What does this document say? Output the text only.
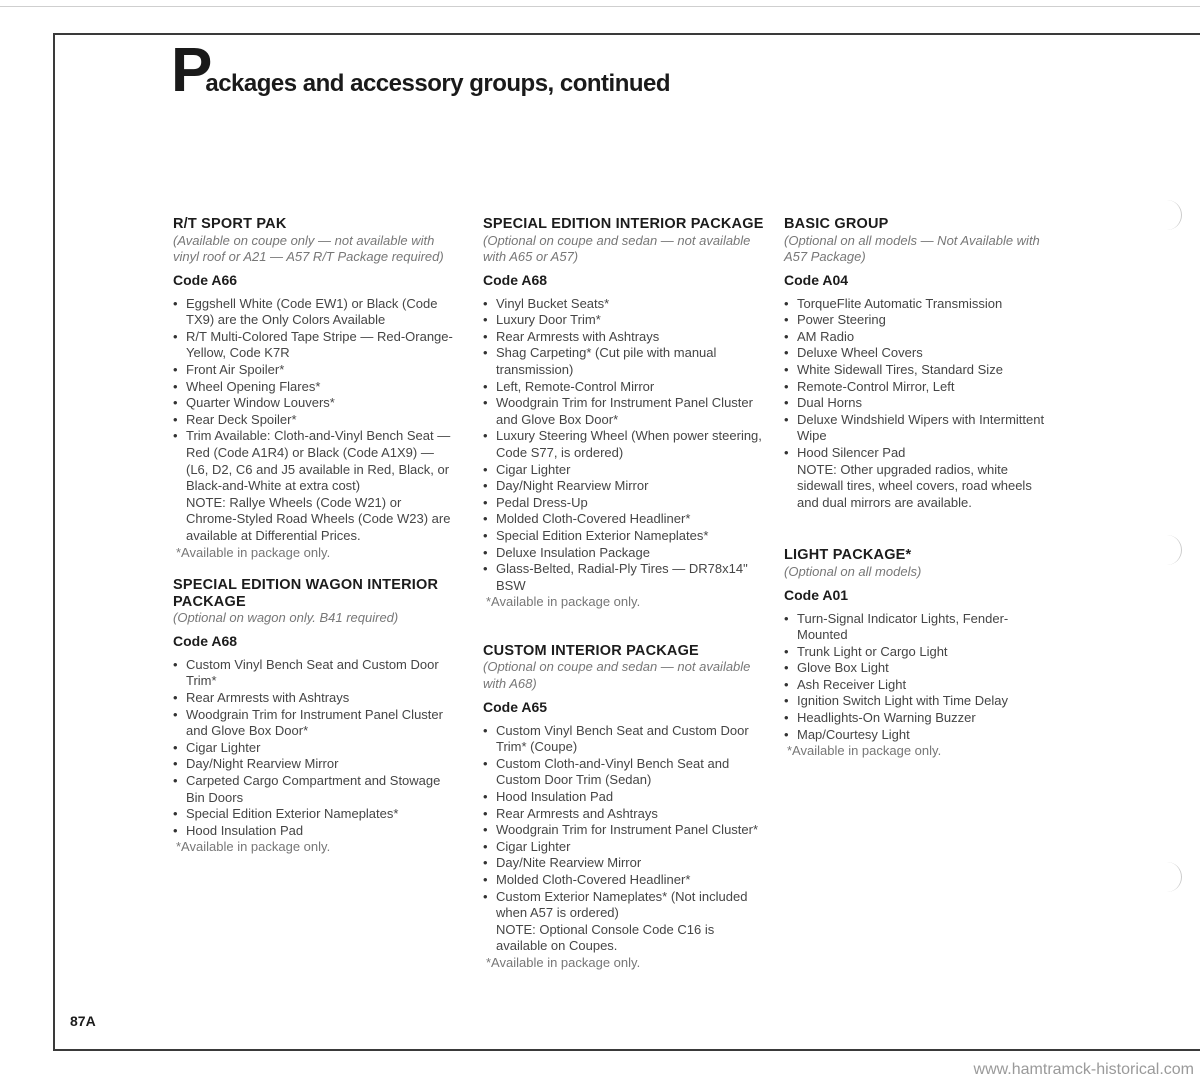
Packages and accessory groups, continued
R/T SPORT PAK
(Available on coupe only — not available with vinyl roof or A21 — A57 R/T Package required)
Code A66
• Eggshell White (Code EW1) or Black (Code TX9) are the Only Colors Available
• R/T Multi-Colored Tape Stripe — Red-Orange-Yellow, Code K7R
• Front Air Spoiler*
• Wheel Opening Flares*
• Quarter Window Louvers*
• Rear Deck Spoiler*
• Trim Available: Cloth-and-Vinyl Bench Seat — Red (Code A1R4) or Black (Code A1X9) — (L6, D2, C6 and J5 available in Red, Black, or Black-and-White at extra cost)
NOTE: Rallye Wheels (Code W21) or Chrome-Styled Road Wheels (Code W23) are available at Differential Prices.
*Available in package only.
SPECIAL EDITION WAGON INTERIOR PACKAGE
(Optional on wagon only. B41 required)
Code A68
• Custom Vinyl Bench Seat and Custom Door Trim*
• Rear Armrests with Ashtrays
• Woodgrain Trim for Instrument Panel Cluster and Glove Box Door*
• Cigar Lighter
• Day/Night Rearview Mirror
• Carpeted Cargo Compartment and Stowage Bin Doors
• Special Edition Exterior Nameplates*
• Hood Insulation Pad
*Available in package only.
SPECIAL EDITION INTERIOR PACKAGE
(Optional on coupe and sedan — not available with A65 or A57)
Code A68
• Vinyl Bucket Seats*
• Luxury Door Trim*
• Rear Armrests with Ashtrays
• Shag Carpeting* (Cut pile with manual transmission)
• Left, Remote-Control Mirror
• Woodgrain Trim for Instrument Panel Cluster and Glove Box Door*
• Luxury Steering Wheel (When power steering, Code S77, is ordered)
• Cigar Lighter
• Day/Night Rearview Mirror
• Pedal Dress-Up
• Molded Cloth-Covered Headliner*
• Special Edition Exterior Nameplates*
• Deluxe Insulation Package
• Glass-Belted, Radial-Ply Tires — DR78x14" BSW
*Available in package only.
CUSTOM INTERIOR PACKAGE
(Optional on coupe and sedan — not available with A68)
Code A65
• Custom Vinyl Bench Seat and Custom Door Trim* (Coupe)
• Custom Cloth-and-Vinyl Bench Seat and Custom Door Trim (Sedan)
• Hood Insulation Pad
• Rear Armrests and Ashtrays
• Woodgrain Trim for Instrument Panel Cluster*
• Cigar Lighter
• Day/Nite Rearview Mirror
• Molded Cloth-Covered Headliner*
• Custom Exterior Nameplates* (Not included when A57 is ordered)
NOTE: Optional Console Code C16 is available on Coupes.
*Available in package only.
BASIC GROUP
(Optional on all models — Not Available with A57 Package)
Code A04
• TorqueFlite Automatic Transmission
• Power Steering
• AM Radio
• Deluxe Wheel Covers
• White Sidewall Tires, Standard Size
• Remote-Control Mirror, Left
• Dual Horns
• Deluxe Windshield Wipers with Intermittent Wipe
• Hood Silencer Pad
NOTE: Other upgraded radios, white sidewall tires, wheel covers, road wheels and dual mirrors are available.
LIGHT PACKAGE*
(Optional on all models)
Code A01
• Turn-Signal Indicator Lights, Fender-Mounted
• Trunk Light or Cargo Light
• Glove Box Light
• Ash Receiver Light
• Ignition Switch Light with Time Delay
• Headlights-On Warning Buzzer
• Map/Courtesy Light
*Available in package only.
87A
www.hamtramck-historical.com
